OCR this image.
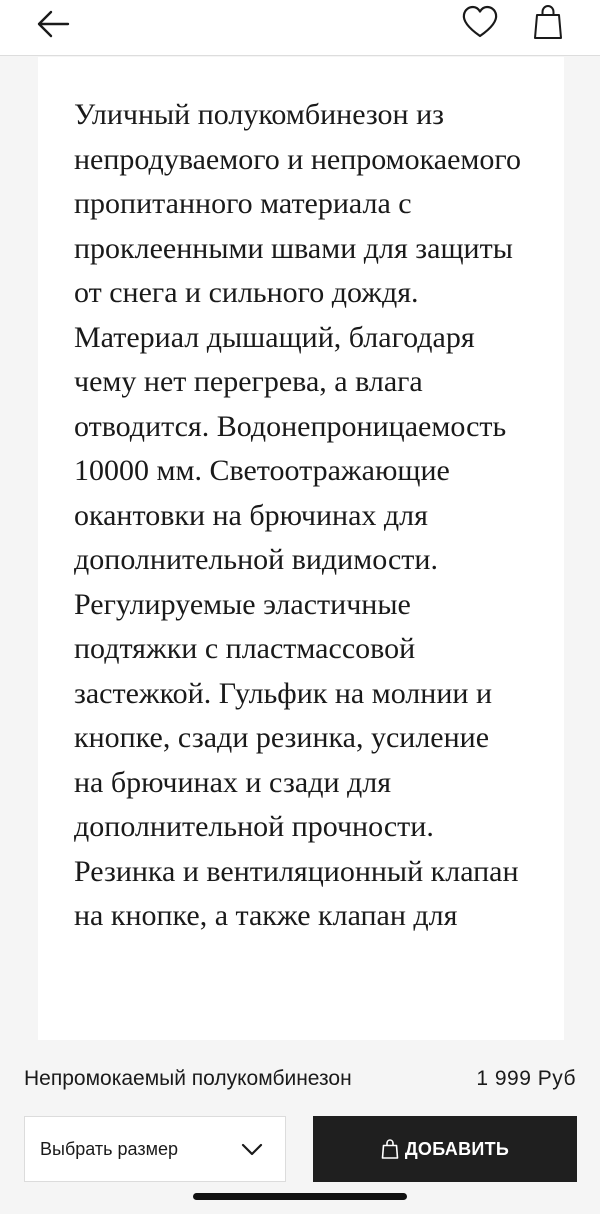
Уличный полукомбинезон из непродуваемого и непромокаемого пропитанного материала с проклеенными швами для защиты от снега и сильного дождя. Материал дышащий, благодаря чему нет перегрева, а влага отводится. Водонепроницаемость 10000 мм. Светоотражающие окантовки на брючинах для дополнительной видимости. Регулируемые эластичные подтяжки с пластмассовой застежкой. Гульфик на молнии и кнопке, сзади резинка, усиление на брючинах и сзади для дополнительной прочности. Резинка и вентиляционный клапан на кнопке, а также клапан для

Непромокаемый полукомбинезон	1 999 Руб
Выбрать размер	ДОБАВИТЬ
